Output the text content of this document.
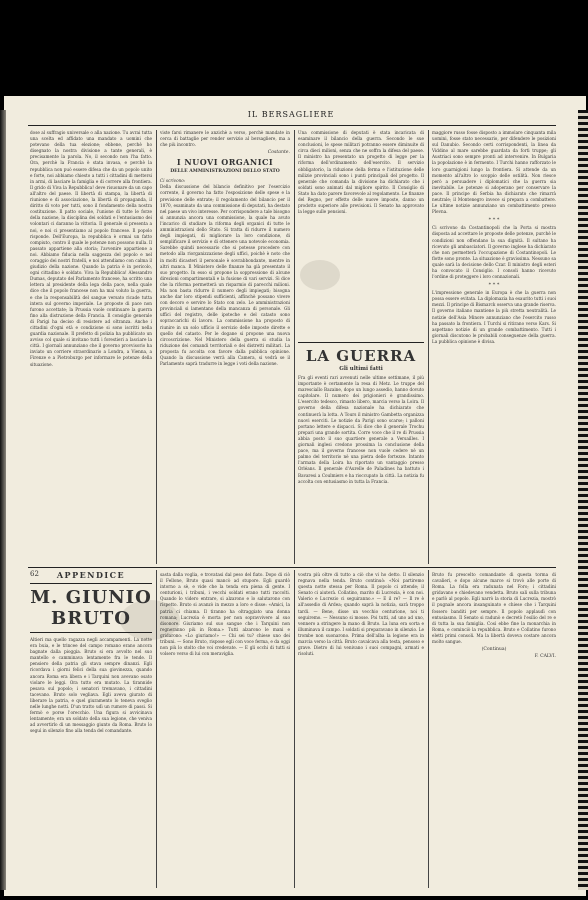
IL BERSAGLIERE

dose al suffragio universale o alla nazione. Tu avrai tutta una scelta ed affidato una mandato a uomini che potevano della tua elezione; ebbene, perchè ho disegnato la nostra divisione a tante generali, è precisamente la parola. No, il secondo non l'ha fatto. Ora, perchè la Francia è stata invasa, e perchè la repubblica non può essere difesa che da un popolo unito e forte, noi abbiamo chiesto a tutti i cittadini di mettersi in armi, di lasciare la famiglia e di correre alla frontiera. Il grido di Viva la Repubblica! deve risuonare da un capo all'altro del paese. Il libertà di stampa, la libertà di riunione e di associazione, la libertà di propaganda, il diritto di voto per tutti, sono il fondamento della nostra costituzione. Il patto sociale, l'unione di tutte le forze della nazione, la disciplina dei soldati e l'entusiasmo dei volontari ci daranno la vittoria. Il generale si presenta a noi, e noi ci presentiamo al popolo francese. Il popolo risponde. Dell'Europa, la repubblica è ormai un fatto compiuto, contro il quale le potenze non possono nulla. Il passato appartiene alla storia; l'avvenire appartiene a noi. Abbiamo fiducia nella saggezza del popolo e nel coraggio dei nostri fratelli, e noi attendiamo con calma il giudizio della nazione. Quando la patria è in pericolo, ogni cittadino è soldato. Viva la Repubblica! Alessandro Dumas, deputato del Parlamento francese, ha scritto una lettera al presidente della lega della pace, nella quale dice che il popolo francese non ha mai voluto la guerra, e che la responsabilità del sangue versato ricade tutta intera sul governo imperiale. Le proposte di pace non furono accettate; la Prussia vuole continuare la guerra fino alla distruzione della Francia. Il consiglio generale di Parigi ha deciso di resistere ad oltranza. Anche i cittadini d'ogni età e condizione si sono iscritti nella guardia nazionale. Il prefetto di polizia ha pubblicato un avviso col quale si invitano tutti i forestieri a lasciare la città. I giornali annunziano che il governo provvisorio ha inviato un corriere straordinario a Londra, a Vienna, a Firenze e a Pietroburgo per informare le potenze della situazione.

viste farsi rimanere le anzichè a verso, perchè mandate in cerca di battaglie per render servizio al bersagliere, ma a che più incontro.

Costante.
I NUOVI ORGANICI
DELLE AMMINISTRAZIONI DELLO STATO

Ci scrivono:

Della discussione del bilancio definitivo per l'esercizio corrente, il governo ha fatto l'esposizione delle spese e la previsione delle entrate; il regolamento del bilancio per il 1870, esaminato da una commissione di deputati, ha destato nel paese un vivo interesse. Per corrispondere a tale bisogno si annunzia ancora una commissione, la quale ha avuto l'incarico di studiare la riforma degli organici di tutte le amministrazioni dello Stato. Si tratta di ridurre il numero degli impiegati, di migliorare la loro condizione, di semplificare il servizio e di ottenere una notevole economia. Sarebbe quindi necessario che si potesse procedere con metodo alla riorganizzazione degli uffici, poichè è noto che in molti dicasteri il personale è sovrabbondante, mentre in altri manca. Il Ministero delle finanze ha già presentato il suo progetto. In esso si propone la soppressione di alcune direzioni compartimentali e la fusione di vari servizi. Si dice che la riforma permetterà un risparmio di parecchi milioni. Ma non basta ridurre il numero degli impiegati; bisogna anche dar loro stipendi sufficienti, affinchè possano vivere con decoro e servire lo Stato con zelo. Le amministrazioni provinciali si lamentano della mancanza di personale. Gli uffici del registro, delle ipoteche e del catasto sono sopraccarichi di lavoro. La commissione ha proposto di riunire in un solo ufficio il servizio delle imposte dirette e quello del catasto. Per le dogane si propone una nuova circoscrizione. Nel Ministero della guerra si studia la riduzione dei comandi territoriali e dei distretti militari. La proposta fu accolta con favore dalla pubblica opinione. Quando la discussione verrà alla Camera, si vedrà se il Parlamento saprà tradurre in legge i voti della nazione.

Una commissione di deputati è stata incaricata di esaminare il bilancio della guerra. Secondo le sue conclusioni, le spese militari potranno essere diminuite di circa dieci milioni, senza che ne soffra la difesa del paese. Il ministro ha presentato un progetto di legge per la riforma dell'ordinamento dell'esercito. Il servizio obbligatorio, la riduzione della ferma e l'istituzione delle milizie provinciali sono i punti principali del progetto. Il generale che comanda la divisione ha dichiarato che i soldati sono animati dal migliore spirito. Il Consiglio di Stato ha dato parere favorevole al regolamento. Le finanze del Regno, per effetto delle nuove imposte, danno un prodotto superiore alle previsioni. Il Senato ha approvato la legge sulle pensioni.

LA GUERRA
Gli ultimi fatti

Fra gli eventi rari avvenuti nelle ultime settimane, il più importante è certamente la resa di Metz. Le truppe del maresciallo Bazaine, dopo un lungo assedio, hanno dovuto capitolare. Il numero dei prigionieri è grandissimo. L'esercito tedesco, rimasto libero, marcia verso la Loira. Il governo della difesa nazionale ha dichiarato che continuerà la lotta. A Tours il ministro Gambetta organizza nuovi eserciti. Le notizie da Parigi sono scarse; i palloni portano lettere e dispacci. Si dice che il generale Trochu prepari una grande sortita. Corre voce che il re di Prussia abbia posto il suo quartiere generale a Versailles. I giornali inglesi credono prossima la conclusione della pace, ma il governo francese non vuole cedere nè un palmo del territorio nè una pietra delle fortezze. Intanto l'armata della Loira ha riportato un vantaggio presso Orléans. Il generale d'Aurelle de Paladines ha battuto i Bavaresi a Coulmiers e ha rioccupato la città. La notizia fu accolta con entusiasmo in tutta la Francia.

maggiore russo fosse disposto a immolare cinquanta mila uomini, fosse stato necessario, per difendere le posizioni sul Danubio. Secondo certi corrispondenti, la linea da Viddino al mare sarebbe guardata da forti truppe; gli Austriaci sono sempre pronti ad intervenire. In Bulgaria la popolazione è in fermento. I Turchi hanno rafforzato le loro guarnigioni lungo la frontiera. Si attende da un momento all'altro lo scoppio delle ostilità. Non riesce però a persuadere i diplomatici che la guerra sia inevitabile. Le potenze si adoperano per conservare la pace. Il principe di Serbia ha dichiarato che rimarrà neutrale; il Montenegro invece si prepara a combattere. Le ultime notizie annunziano un combattimento presso Plevna.

* * *

Ci scrivono da Costantinopoli che la Porta si mostra disposta ad accettare le proposte delle potenze, purchè le condizioni non offendano la sua dignità. Il sultano ha ricevuto gli ambasciatori. Il governo inglese ha dichiarato che non permetterà l'occupazione di Costantinopoli. Le flotte sono pronte. La situazione è gravissima. Nessuno sa quale sarà la decisione dello Czar. Il ministro degli esteri ha convocato il Consiglio. I consoli hanno ricevuto l'ordine di proteggere i loro connazionali.

* * *

L'impressione generale in Europa è che la guerra non possa essere evitata. La diplomazia ha esaurito tutti i suoi mezzi. Il principe di Bismarck osserva una grande riserva. Il governo italiano mantiene la più stretta neutralità. Le notizie dell'Asia Minore annunziano che l'esercito russo ha passato la frontiera. I Turchi si ritirano verso Kars. Si aspettano notizie di un grande combattimento. Tutti i giornali discutono le probabili conseguenze della guerra. La pubblica opinione è divisa.

62	APPENDICE
M. GIUNIO BRUTO

Altieri ma quello ragazza negli accampamenti. La notte era buia, e le trincee del campo romano erano ancora bagnate dalla pioggia. Bruto si era avvolto nel suo mantello e camminava lentamente fra le tende. Il pensiero della patria gli stava sempre dinanzi. Egli ricordava i giorni felici della sua giovinezza, quando ancora Roma era libera e i Tarquini non avevano osato violare le leggi. Ora tutto era mutato. La tirannide pesava sul popolo; i senatori tremavano, i cittadini tacevano. Bruto solo vegliava. Egli aveva giurato di liberare la patria, e quel giuramento lo teneva sveglio nelle lunghe notti. D'un tratto udì un rumore di passi. Si fermò e porse l'orecchio. Una figura si avvicinava lentamente; era un soldato della sua legione, che veniva ad avvertirlo di un messaggio giunto da Roma. Bruto lo seguì in silenzio fino alla tenda del comandante.

sasta dalla voglia, e trovatasi dal peso del fiato. Dopo di ciò il Fellone, Bruto quasi mancò ad stupore. Egli guardò intorno a sè, e vide che la tenda era piena di gente. I centurioni, i tribuni, i vecchi soldati erano tutti raccolti. Quando lo videro entrare, si alzarono e lo salutarono con rispetto. Bruto si avanzò in mezzo a loro e disse: «Amici, la patria ci chiama. Il tiranno ha oltraggiato una donna romana; Lucrezia è morta per non sopravvivere al suo disonore. Giuriamo sul suo sangue che i Tarquini non regneranno più in Roma.» Tutti alzarono le mani e gridarono: «Lo giuriamo!» — Chi sei tu? chiese uno dei tribuni. — Sono Bruto, rispose egli con voce ferma, e da oggi non più lo stolto che voi credevate. — E gli occhi di tutti si volsero verso di lui con meraviglia.

vostra più oltre di tutto a ciò che vi ho detto. Il silenzio regnava nella tenda. Bruto continuò: «Noi partiremo questa notte stessa per Roma. Il popolo ci attende; il Senato ci aiuterà. Collatino, marito di Lucrezia, è con noi. Valerio e Lucrezio ci seguiranno.» — E il re? — Il re è all'assedio di Ardea; quando saprà la notizia, sarà troppo tardi. — Bene, disse un vecchio centurione, noi ti seguiremo. — Nessuno si mosse. Poi tutti, ad uno ad uno, vennero a stringere la mano di Bruto. La luna era sorta e illuminava il campo. I soldati si preparavano in silenzio. Le trombe non suonarono. Prima dell'alba la legione era in marcia verso la città. Bruto cavalcava alla testa, pensoso e grave. Dietro di lui venivano i suoi compagni, armati e risoluti.

Bruto fu prescelto comandante di questa torma di cavalieri, e dopo alcune marce si trovò alle porte di Roma. La folla era radunata nel Foro; i cittadini gridavano e chiedevano vendetta. Bruto salì sulla tribuna e parlò al popolo. Egli narrò la storia di Lucrezia, mostrò il pugnale ancora insanguinato e chiese che i Tarquini fossero banditi per sempre. Il popolo applaudì con entusiasmo. Il Senato si radunò e decretò l'esilio del re e di tutta la sua famiglia. Così ebbe fine la monarchia in Roma, e cominciò la repubblica. Bruto e Collatino furono eletti primi consoli. Ma la libertà doveva costare ancora molto sangue.

(Continua)
F. CALVI.
